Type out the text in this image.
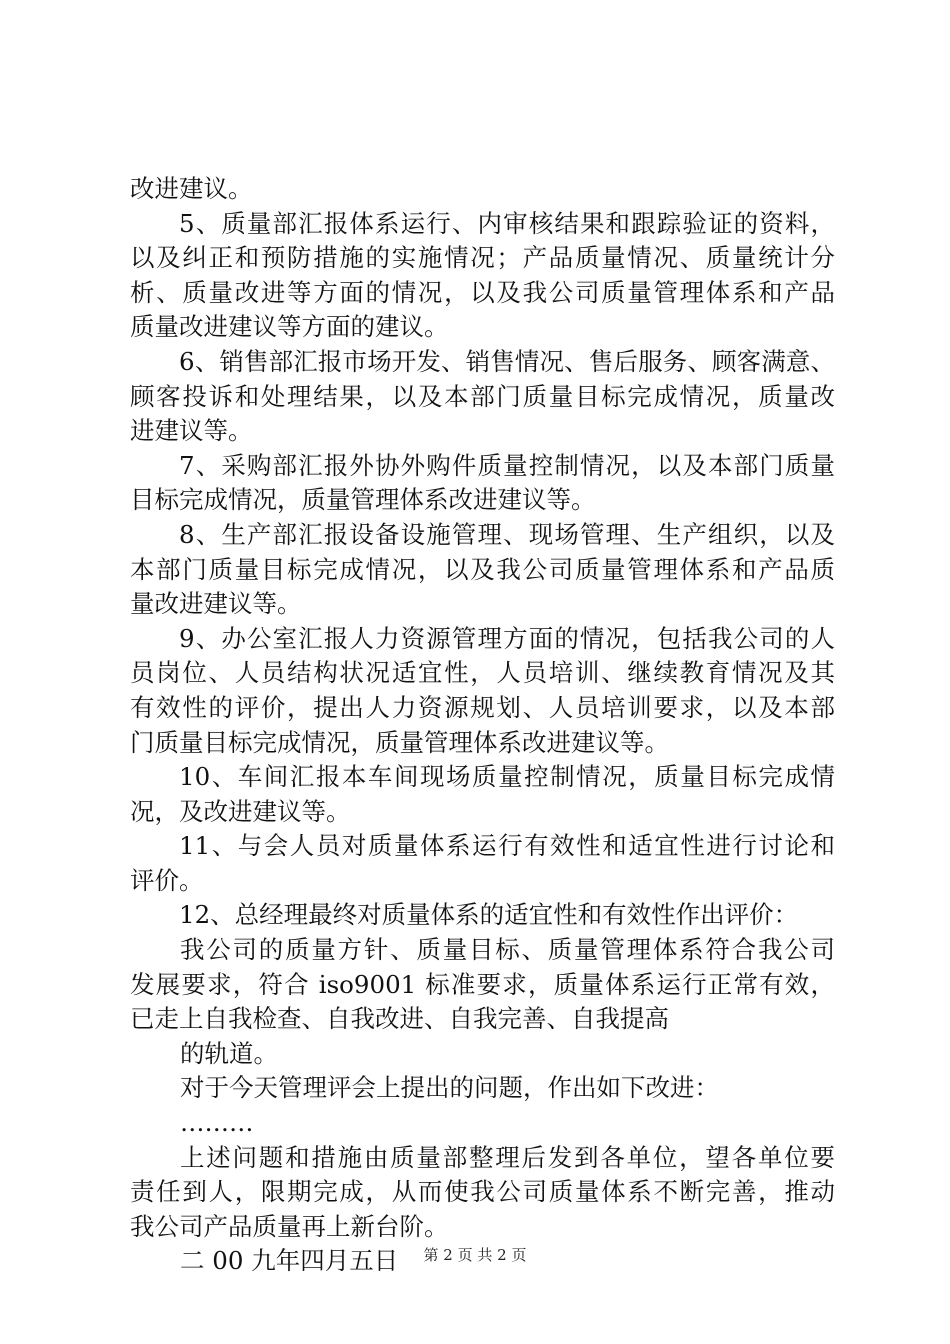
改进建议。
5、质量部汇报体系运行、内审核结果和跟踪验证的资料，
以及纠正和预防措施的实施情况；产品质量情况、质量统计分
析、质量改进等方面的情况，以及我公司质量管理体系和产品
质量改进建议等方面的建议。
6、销售部汇报市场开发、销售情况、售后服务、顾客满意、
顾客投诉和处理结果，以及本部门质量目标完成情况，质量改
进建议等。
7、采购部汇报外协外购件质量控制情况，以及本部门质量
目标完成情况，质量管理体系改进建议等。
8、生产部汇报设备设施管理、现场管理、生产组织，以及
本部门质量目标完成情况，以及我公司质量管理体系和产品质
量改进建议等。
9、办公室汇报人力资源管理方面的情况，包括我公司的人
员岗位、人员结构状况适宜性，人员培训、继续教育情况及其
有效性的评价，提出人力资源规划、人员培训要求，以及本部
门质量目标完成情况，质量管理体系改进建议等。
10、车间汇报本车间现场质量控制情况，质量目标完成情
况，及改进建议等。
11、与会人员对质量体系运行有效性和适宜性进行讨论和
评价。
12、总经理最终对质量体系的适宜性和有效性作出评价：
我公司的质量方针、质量目标、质量管理体系符合我公司
发展要求，符合 iso9001 标准要求，质量体系运行正常有效，
已走上自我检查、自我改进、自我完善、自我提高
的轨道。
对于今天管理评会上提出的问题，作出如下改进：
………
上述问题和措施由质量部整理后发到各单位，望各单位要
责任到人，限期完成，从而使我公司质量体系不断完善，推动
我公司产品质量再上新台阶。
二 00 九年四月五日	第 2 页 共 2 页
